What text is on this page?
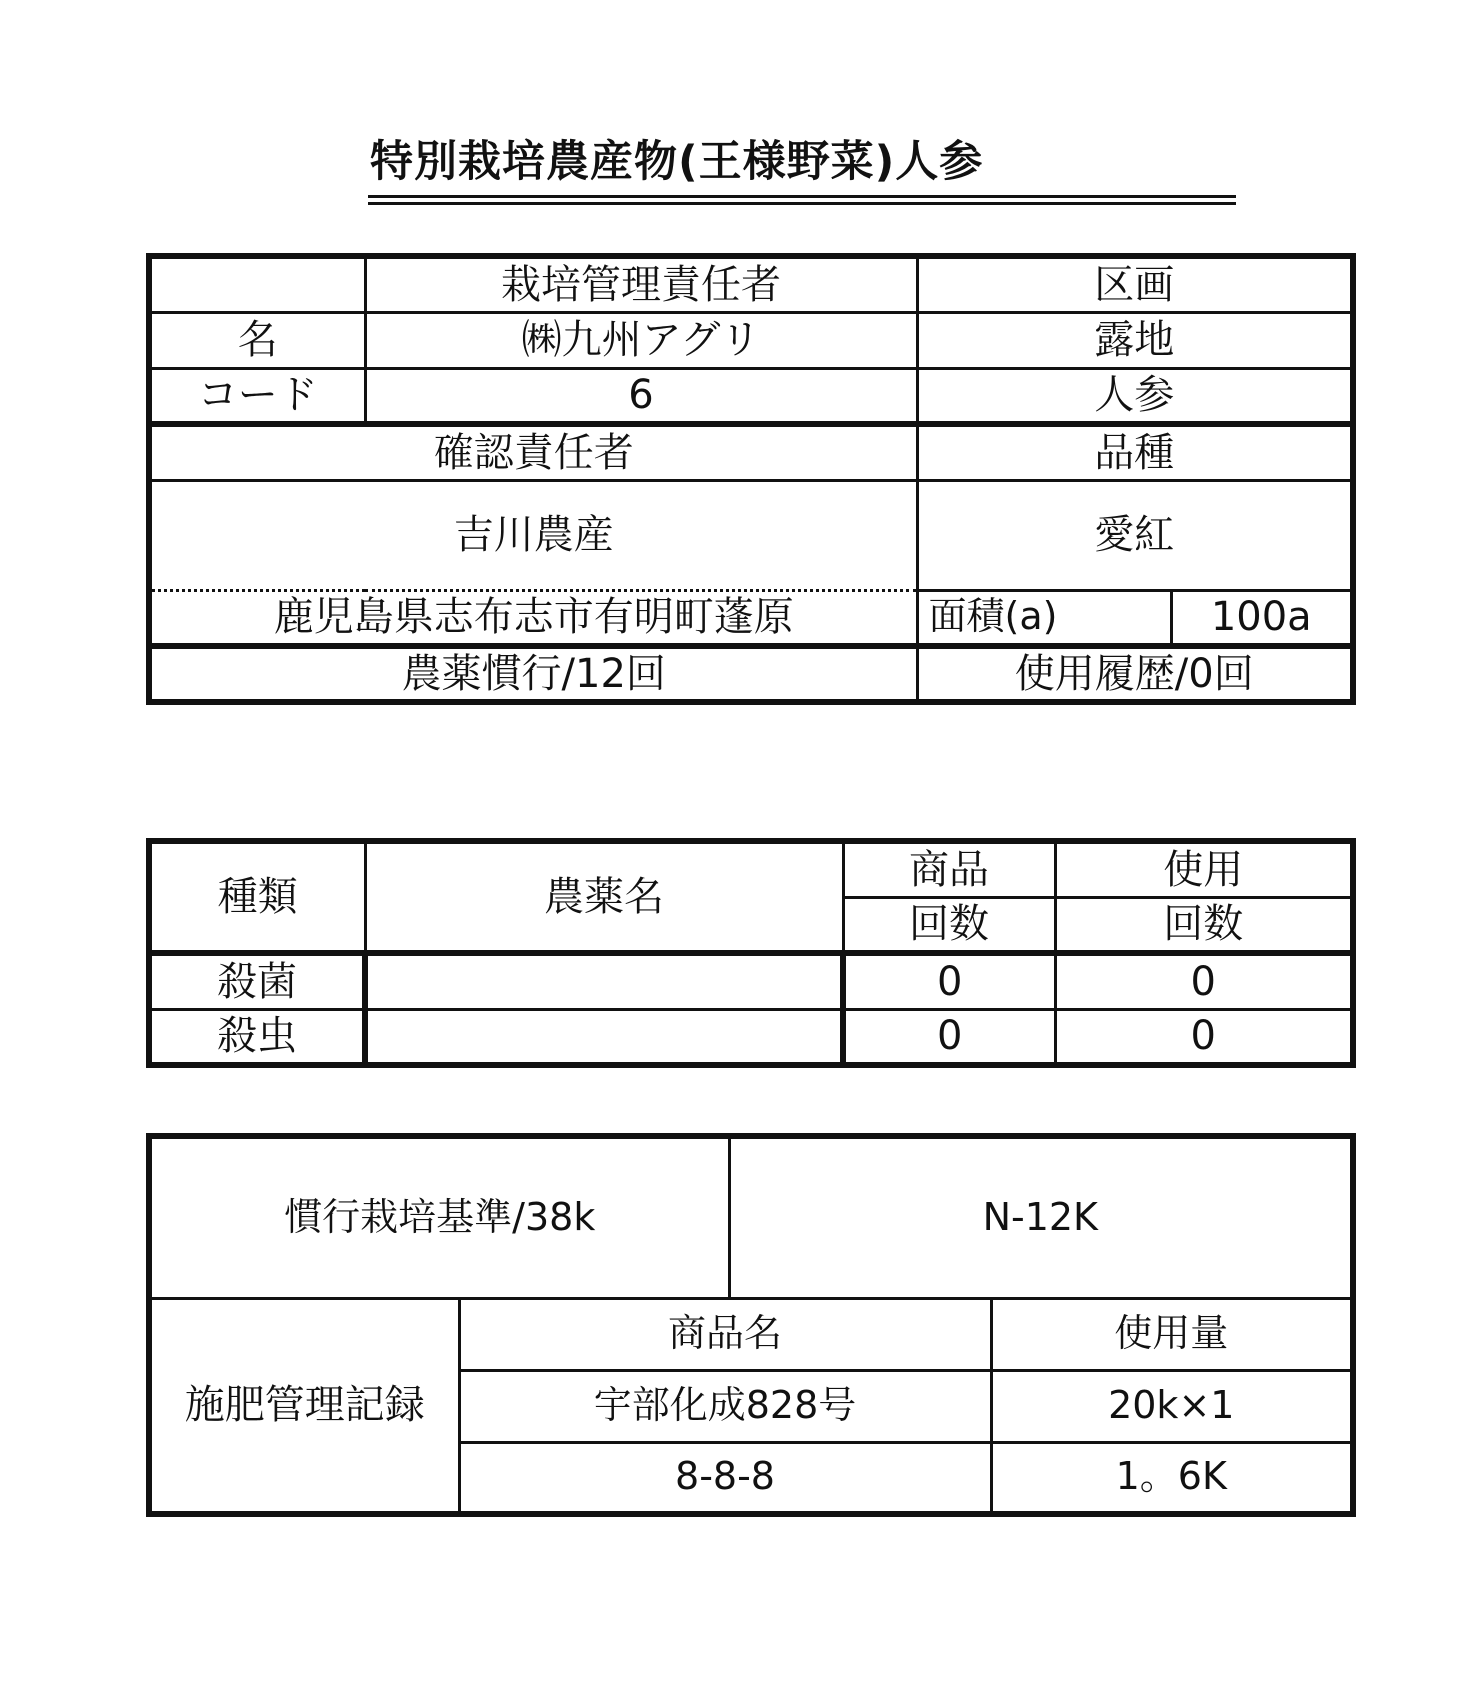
特別栽培農産物(王様野菜)人参
	栽培管理責任者	区画	
名	㈱九州アグリ	露地	
コード	6	人参	
確認責任者		品種	
吉川農産		愛紅	
鹿児島県志布志市有明町蓬原		面積(a)	100a
農薬慣行/12回		使用履歴/0回	
種類	農薬名	商品	使用
		回数	回数
殺菌		0	0
殺虫		0	0
慣行栽培基準/38k		N-12K	
施肥管理記録	商品名		使用量
	宇部化成828号		20k×1
	8-8-8		1。6K
